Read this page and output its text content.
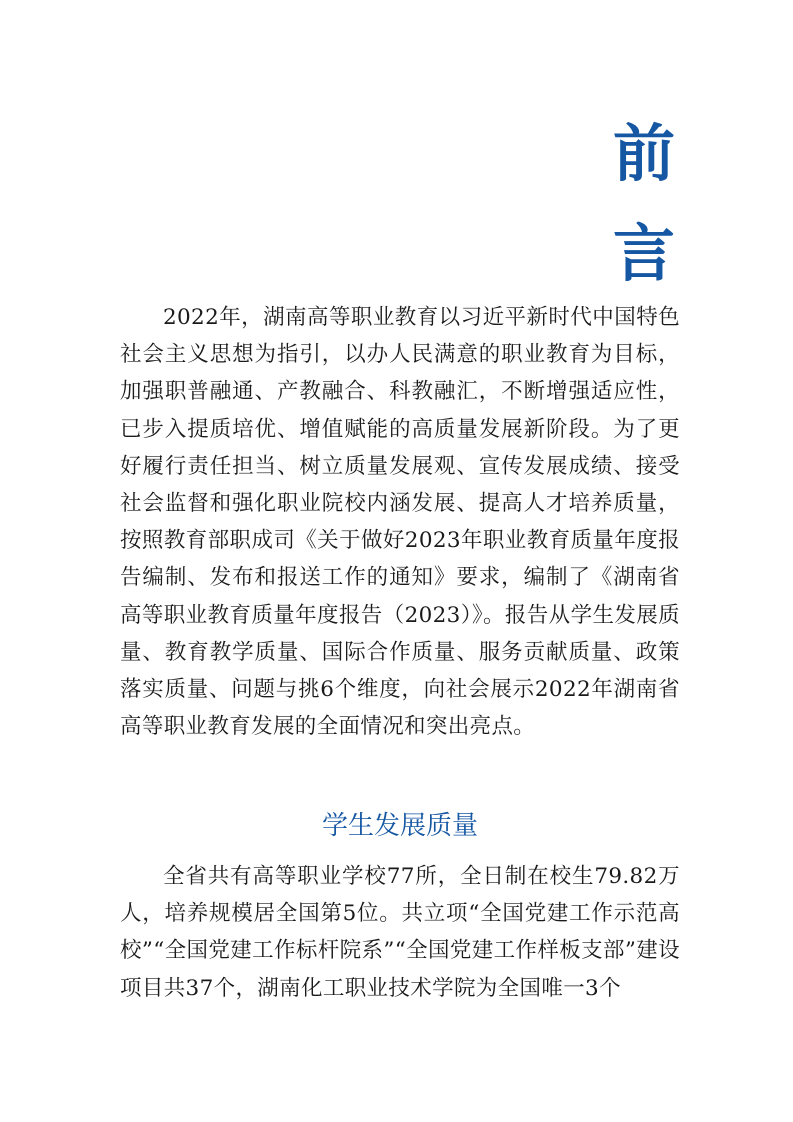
前
言

2022年，湖南高等职业教育以习近平新时代中国特色社会主义思想为指引，以办人民满意的职业教育为目标，加强职普融通、产教融合、科教融汇，不断增强适应性，已步入提质培优、增值赋能的高质量发展新阶段。为了更好履行责任担当、树立质量发展观、宣传发展成绩、接受社会监督和强化职业院校内涵发展、提高人才培养质量，按照教育部职成司《关于做好2023年职业教育质量年度报告编制、发布和报送工作的通知》要求，编制了《湖南省高等职业教育质量年度报告（2023）》。报告从学生发展质量、教育教学质量、国际合作质量、服务贡献质量、政策落实质量、问题与挑6个维度，向社会展示2022年湖南省高等职业教育发展的全面情况和突出亮点。

学生发展质量

全省共有高等职业学校77所，全日制在校生79.82万人，培养规模居全国第5位。共立项“全国党建工作示范高校”“全国党建工作标杆院系”“全国党建工作样板支部”建设项目共37个，湖南化工职业技术学院为全国唯一3个
